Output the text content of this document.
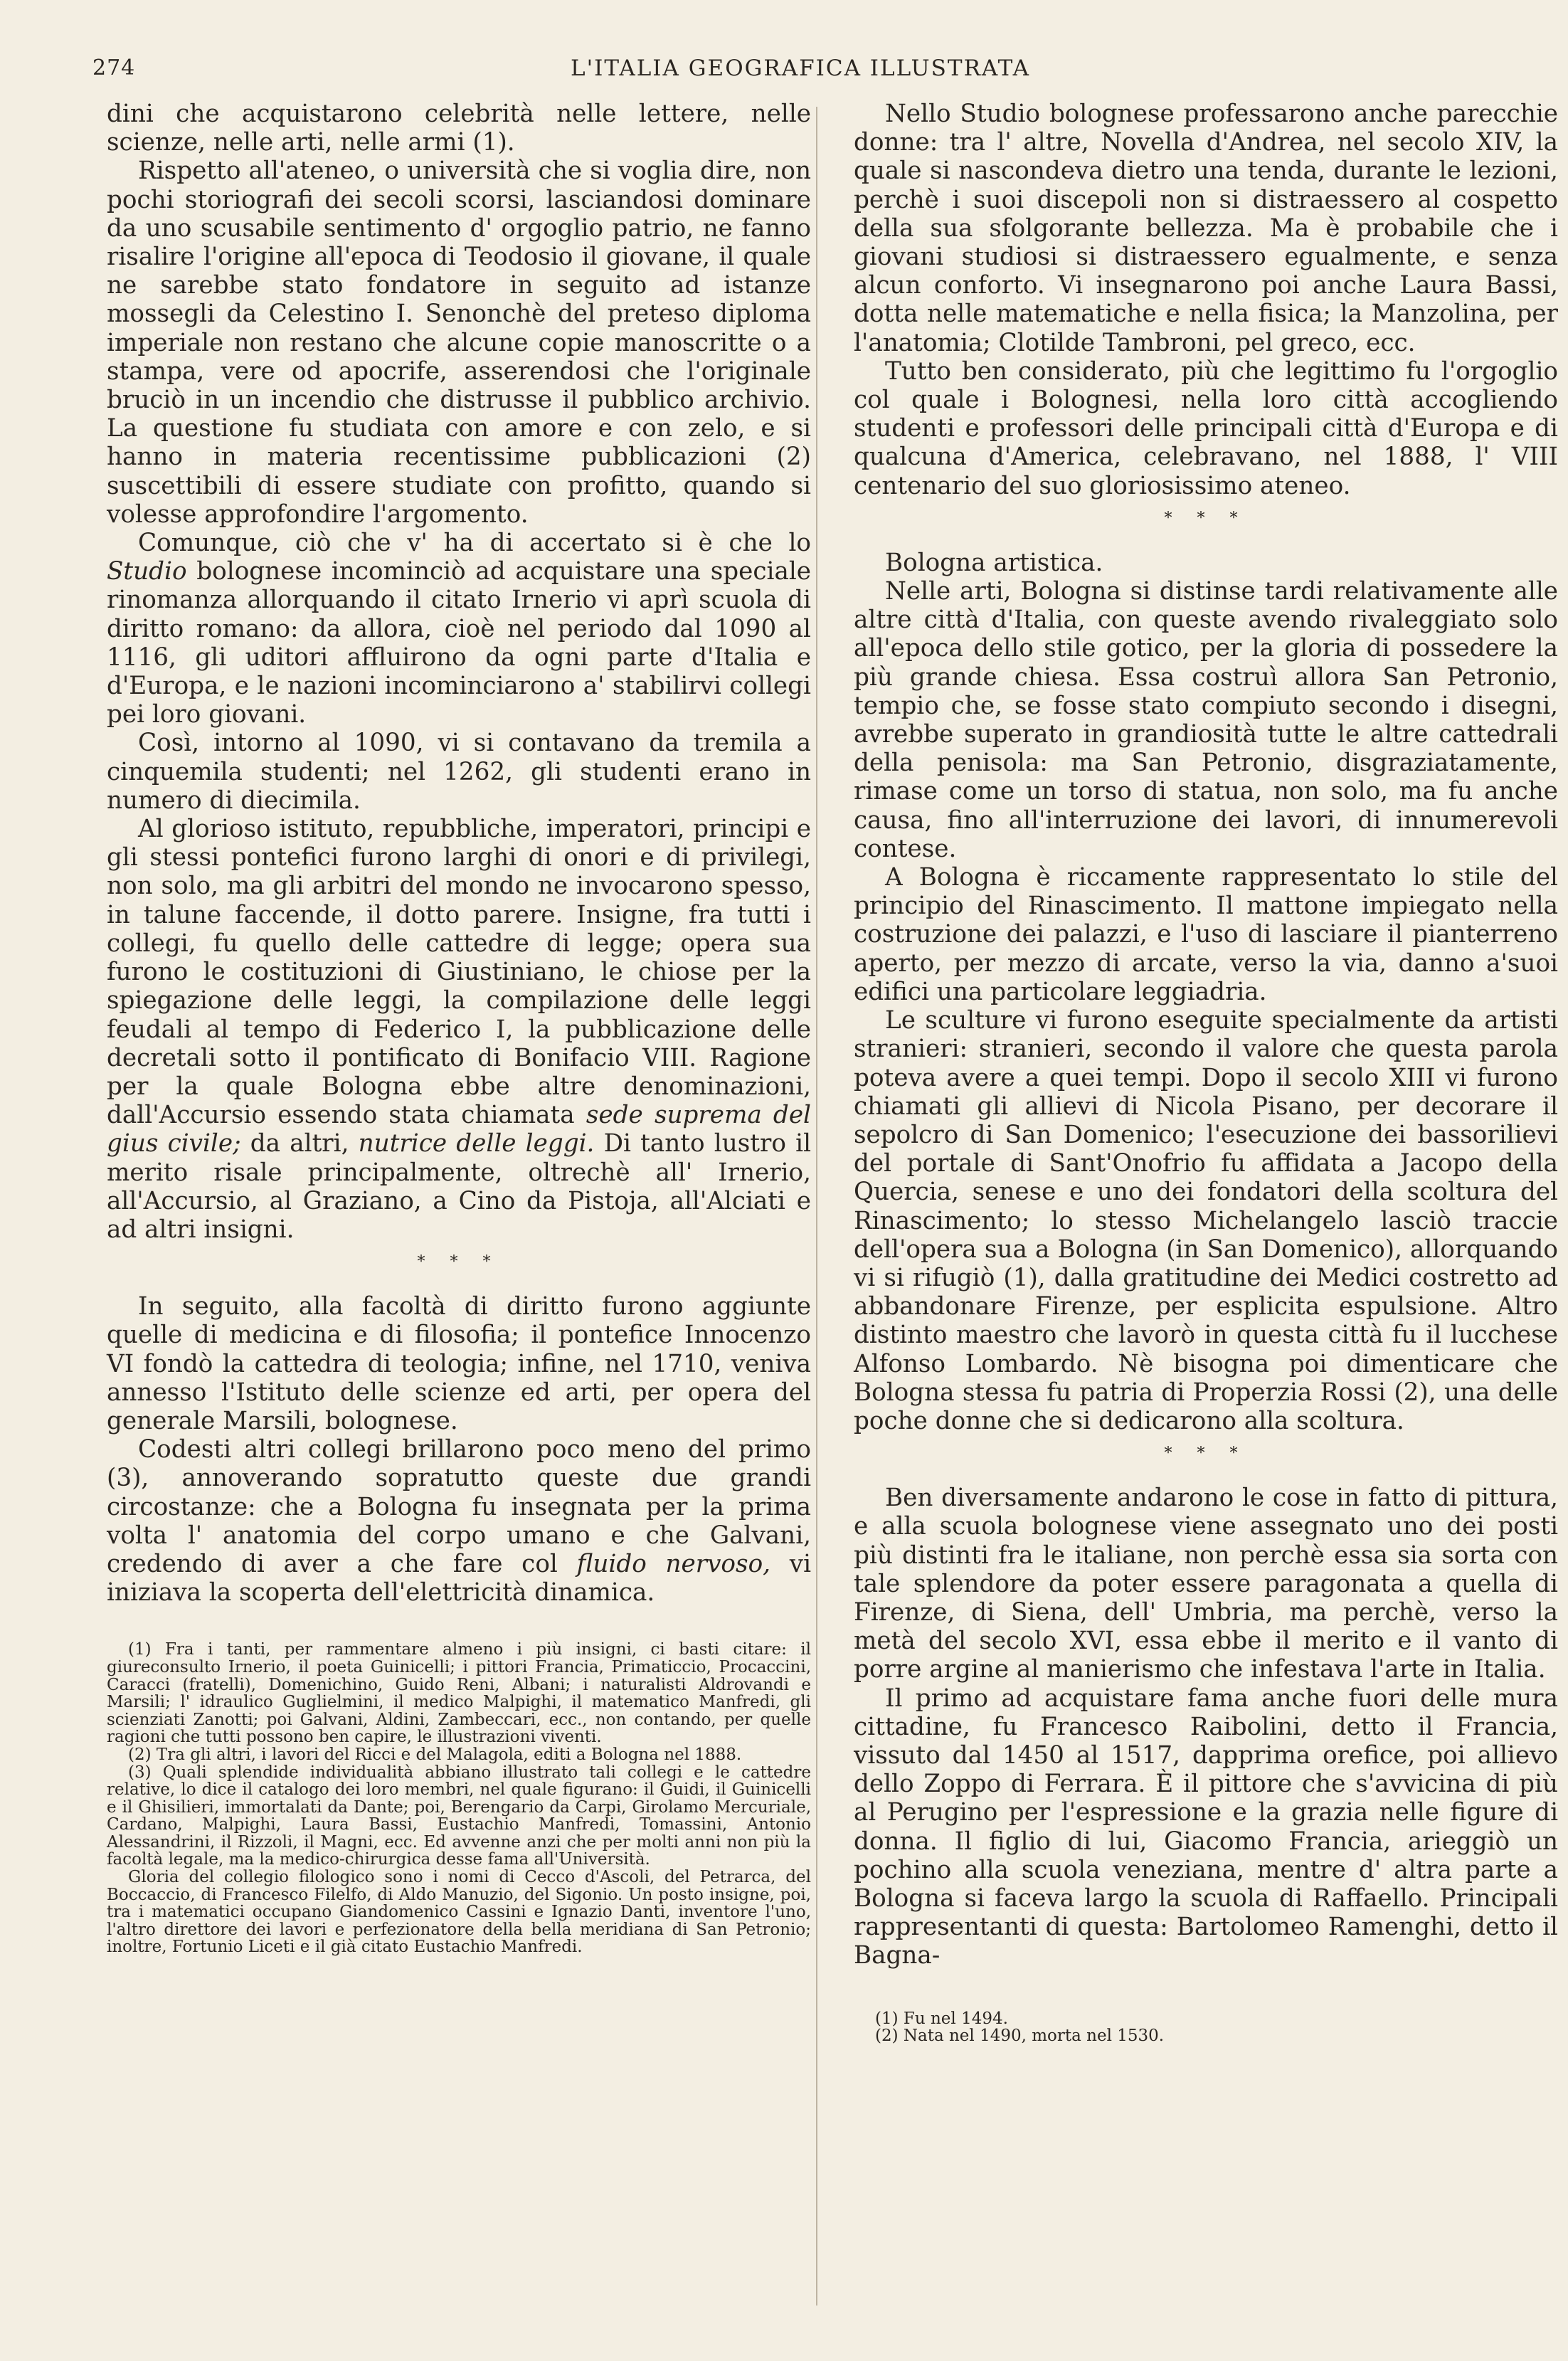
274	L'ITALIA GEOGRAFICA ILLUSTRATA

dini che acquistarono celebrità nelle lettere, nelle scienze, nelle arti, nelle armi (1).

Rispetto all'ateneo, o università che si voglia dire, non pochi storiografi dei secoli scorsi, lasciandosi dominare da uno scusabile sentimento d' orgoglio patrio, ne fanno risalire l'origine all'epoca di Teodosio il giovane, il quale ne sarebbe stato fondatore in seguito ad istanze mossegli da Celestino I. Senonchè del preteso diploma imperiale non restano che alcune copie manoscritte o a stampa, vere od apocrife, asserendosi che l'originale bruciò in un incendio che distrusse il pubblico archivio. La questione fu studiata con amore e con zelo, e si hanno in materia recentissime pubblicazioni (2) suscettibili di essere studiate con profitto, quando si volesse approfondire l'argomento.

Comunque, ciò che v' ha di accertato si è che lo Studio bolognese incominciò ad acquistare una speciale rinomanza allorquando il citato Irnerio vi aprì scuola di diritto romano: da allora, cioè nel periodo dal 1090 al 1116, gli uditori affluirono da ogni parte d'Italia e d'Europa, e le nazioni incominciarono a' stabilirvi collegi pei loro giovani.

Così, intorno al 1090, vi si contavano da tremila a cinquemila studenti; nel 1262, gli studenti erano in numero di diecimila.

Al glorioso istituto, repubbliche, imperatori, principi e gli stessi pontefici furono larghi di onori e di privilegi, non solo, ma gli arbitri del mondo ne invocarono spesso, in talune faccende, il dotto parere. Insigne, fra tutti i collegi, fu quello delle cattedre di legge; opera sua furono le costituzioni di Giustiniano, le chiose per la spiegazione delle leggi, la compilazione delle leggi feudali al tempo di Federico I, la pubblicazione delle decretali sotto il pontificato di Bonifacio VIII. Ragione per la quale Bologna ebbe altre denominazioni, dall'Accursio essendo stata chiamata sede suprema del gius civile; da altri, nutrice delle leggi. Di tanto lustro il merito risale principalmente, oltrechè all' Irnerio, all'Accursio, al Graziano, a Cino da Pistoja, all'Alciati e ad altri insigni.

* * *

In seguito, alla facoltà di diritto furono aggiunte quelle di medicina e di filosofia; il pontefice Innocenzo VI fondò la cattedra di teologia; infine, nel 1710, veniva annesso l'Istituto delle scienze ed arti, per opera del generale Marsili, bolognese.

Codesti altri collegi brillarono poco meno del primo (3), annoverando sopratutto queste due grandi circostanze: che a Bologna fu insegnata per la prima volta l' anatomia del corpo umano e che Galvani, credendo di aver a che fare col fluido nervoso, vi iniziava la scoperta dell'elettricità dinamica.

(1) Fra i tanti, per rammentare almeno i più insigni, ci basti citare: il giureconsulto Irnerio, il poeta Guinicelli; i pittori Francia, Primaticcio, Procaccini, Caracci (fratelli), Domenichino, Guido Reni, Albani; i naturalisti Aldrovandi e Marsili; l' idraulico Guglielmini, il medico Malpighi, il matematico Manfredi, gli scienziati Zanotti; poi Galvani, Aldini, Zambeccari, ecc., non contando, per quelle ragioni che tutti possono ben capire, le illustrazioni viventi.

(2) Tra gli altri, i lavori del Ricci e del Malagola, editi a Bologna nel 1888.

(3) Quali splendide individualità abbiano illustrato tali collegi e le cattedre relative, lo dice il catalogo dei loro membri, nel quale figurano: il Guidi, il Guinicelli e il Ghisilieri, immortalati da Dante; poi, Berengario da Carpi, Girolamo Mercuriale, Cardano, Malpighi, Laura Bassi, Eustachio Manfredi, Tomassini, Antonio Alessandrini, il Rizzoli, il Magni, ecc. Ed avvenne anzi che per molti anni non più la facoltà legale, ma la medico-chirurgica desse fama all'Università.

Gloria del collegio filologico sono i nomi di Cecco d'Ascoli, del Petrarca, del Boccaccio, di Francesco Filelfo, di Aldo Manuzio, del Sigonio. Un posto insigne, poi, tra i matematici occupano Giandomenico Cassini e Ignazio Danti, inventore l'uno, l'altro direttore dei lavori e perfezionatore della bella meridiana di San Petronio; inoltre, Fortunio Liceti e il già citato Eustachio Manfredi.

Nello Studio bolognese professarono anche parecchie donne: tra l' altre, Novella d'Andrea, nel secolo XIV, la quale si nascondeva dietro una tenda, durante le lezioni, perchè i suoi discepoli non si distraessero al cospetto della sua sfolgorante bellezza. Ma è probabile che i giovani studiosi si distraessero egualmente, e senza alcun conforto. Vi insegnarono poi anche Laura Bassi, dotta nelle matematiche e nella fisica; la Manzolina, per l'anatomia; Clotilde Tambroni, pel greco, ecc.

Tutto ben considerato, più che legittimo fu l'orgoglio col quale i Bolognesi, nella loro città accogliendo studenti e professori delle principali città d'Europa e di qualcuna d'America, celebravano, nel 1888, l' VIII centenario del suo gloriosissimo ateneo.

* * *

Bologna artistica.

Nelle arti, Bologna si distinse tardi relativamente alle altre città d'Italia, con queste avendo rivaleggiato solo all'epoca dello stile gotico, per la gloria di possedere la più grande chiesa. Essa costruì allora San Petronio, tempio che, se fosse stato compiuto secondo i disegni, avrebbe superato in grandiosità tutte le altre cattedrali della penisola: ma San Petronio, disgraziatamente, rimase come un torso di statua, non solo, ma fu anche causa, fino all'interruzione dei lavori, di innumerevoli contese.

A Bologna è riccamente rappresentato lo stile del principio del Rinascimento. Il mattone impiegato nella costruzione dei palazzi, e l'uso di lasciare il pianterreno aperto, per mezzo di arcate, verso la via, danno a'suoi edifici una particolare leggiadria.

Le sculture vi furono eseguite specialmente da artisti stranieri: stranieri, secondo il valore che questa parola poteva avere a quei tempi. Dopo il secolo XIII vi furono chiamati gli allievi di Nicola Pisano, per decorare il sepolcro di San Domenico; l'esecuzione dei bassorilievi del portale di Sant'Onofrio fu affidata a Jacopo della Quercia, senese e uno dei fondatori della scoltura del Rinascimento; lo stesso Michelangelo lasciò traccie dell'opera sua a Bologna (in San Domenico), allorquando vi si rifugiò (1), dalla gratitudine dei Medici costretto ad abbandonare Firenze, per esplicita espulsione. Altro distinto maestro che lavorò in questa città fu il lucchese Alfonso Lombardo. Nè bisogna poi dimenticare che Bologna stessa fu patria di Properzia Rossi (2), una delle poche donne che si dedicarono alla scoltura.

* * *

Ben diversamente andarono le cose in fatto di pittura, e alla scuola bolognese viene assegnato uno dei posti più distinti fra le italiane, non perchè essa sia sorta con tale splendore da poter essere paragonata a quella di Firenze, di Siena, dell' Umbria, ma perchè, verso la metà del secolo XVI, essa ebbe il merito e il vanto di porre argine al manierismo che infestava l'arte in Italia.

Il primo ad acquistare fama anche fuori delle mura cittadine, fu Francesco Raibolini, detto il Francia, vissuto dal 1450 al 1517, dapprima orefice, poi allievo dello Zoppo di Ferrara. È il pittore che s'avvicina di più al Perugino per l'espressione e la grazia nelle figure di donna. Il figlio di lui, Giacomo Francia, arieggiò un pochino alla scuola veneziana, mentre d' altra parte a Bologna si faceva largo la scuola di Raffaello. Principali rappresentanti di questa: Bartolomeo Ramenghi, detto il Bagna-

(1) Fu nel 1494.

(2) Nata nel 1490, morta nel 1530.
